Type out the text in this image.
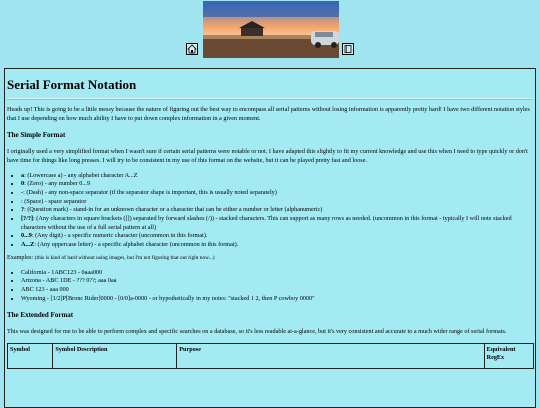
Serial Format Notation

Heads up! This is going to be a little messy because the nature of figuring out the best way to encompass all serial patterns without losing information is apparently pretty hard! I have two different notation styles that I use depending on how much ability I have to put down complex information in a given moment.

The Simple Format

I originally used a very simplified format when I wasn't sure if certain serial patterns were notable or not. I have adapted this slightly to fit my current knowledge and use this when I need to type quickly or don't have time for things like long presses. I will try to be consistent in my use of this format on the website, but it can be played pretty fast and loose.

• a: (Lowercase a) - any alphabet character A...Z
• 0: (Zero) - any number 0...9
• -: (Dash) - any non-space separator (if the separator shape is important, this is usually noted separately)
• : (Space) - space separator
• ?: (Question mark) - stand-in for an unknown character or a character that can be either a number or letter (alphanumeric)
• [?/?]: (Any characters in square brackets ([]) separated by forward slashes (/)) - stacked characters. This can support as many rows as needed. (uncommon in this format - typically I will note stacked characters without the use of a full serial pattern at all)
• 0...9: (Any digit) - a specific numeric character (uncommon in this format).
• A...Z: (Any uppercase letter) - a specific alphabet character (uncommon in this format).

Examples: (this is kind of hard without using images, but I'm not figuring that out right now...)

• California - 1ABC123 - 0aaa000
• Arizona - ABC 1DE - ??? 0??; aaa 0aa
• ABC 123 - aaa 000
• Wyoming - [1/2]P[Bronc Rider]0000 - [0/0]a-0000 - or hypothetically in my notes: "stacked 1 2, then P cowboy 0000"
The Extended Format

This was designed for me to be able to perform complex and specific searches on a database, so it's less readable at-a-glance, but it's very consistent and accurate to a much wider range of serial formats.

Symbol	Symbol Description	Purpose	Equivalent RegEx
